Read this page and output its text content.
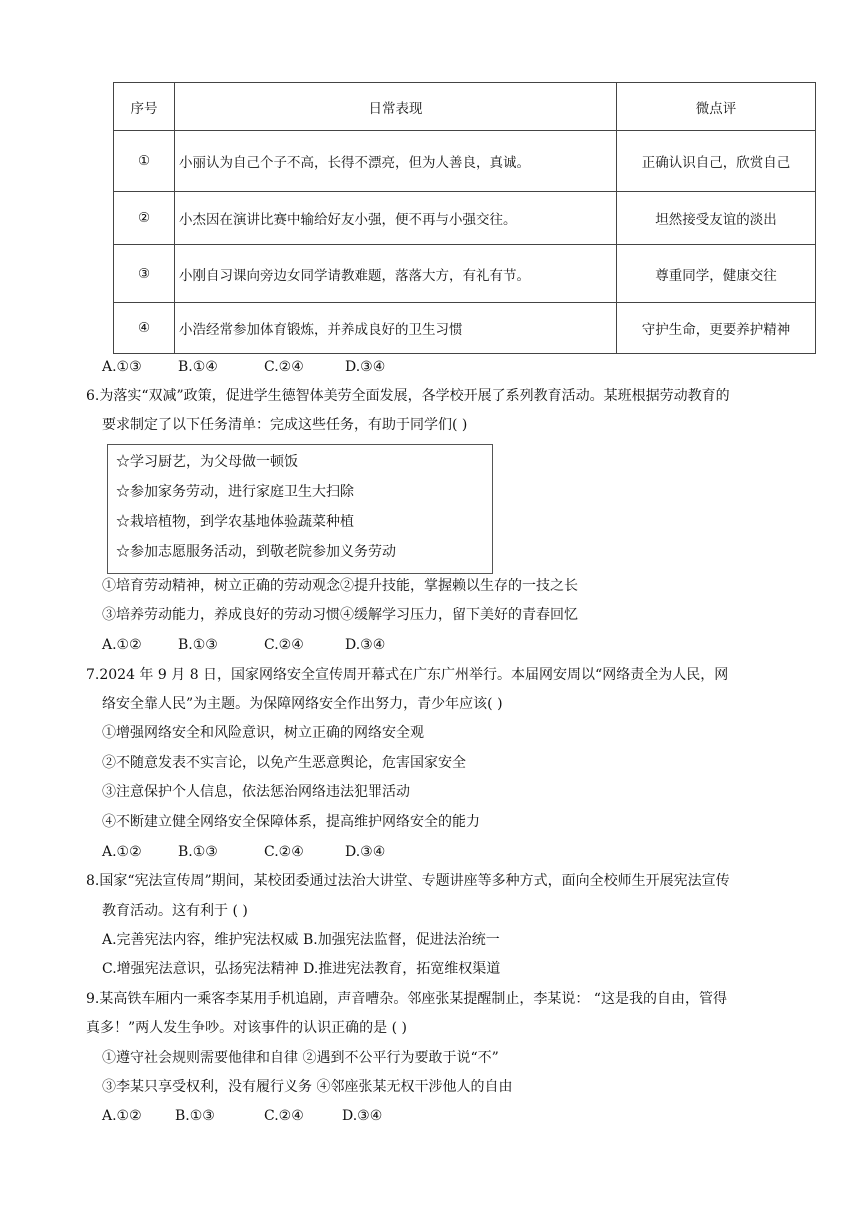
序号	日常表现	微点评
①	小丽认为自己个子不高，长得不漂亮，但为人善良，真诚。	正确认识自己，欣赏自己
②	小杰因在演讲比赛中输给好友小强，便不再与小强交往。	坦然接受友谊的淡出
③	小刚自习课向旁边女同学请教难题，落落大方，有礼有节。	尊重同学，健康交往
④	小浩经常参加体育锻炼，并养成良好的卫生习惯	守护生命，更要养护精神
A.①③	B.①④	C.②④	D.③④
6.为落实“双减”政策，促进学生德智体美劳全面发展，各学校开展了系列教育活动。某班根据劳动教育的
要求制定了以下任务清单：完成这些任务，有助于同学们( )
☆学习厨艺，为父母做一顿饭
☆参加家务劳动，进行家庭卫生大扫除
☆栽培植物，到学农基地体验蔬菜种植
☆参加志愿服务活动，到敬老院参加义务劳动
①培育劳动精神，树立正确的劳动观念②提升技能，掌握赖以生存的一技之长
③培养劳动能力，养成良好的劳动习惯④缓解学习压力，留下美好的青春回忆
A.①②	B.①③	C.②④	D.③④
7.2024 年 9 月 8 日，国家网络安全宣传周开幕式在广东广州举行。本届网安周以“网络责全为人民，网
络安全靠人民”为主题。为保障网络安全作出努力，青少年应该( )
①增强网络安全和风险意识，树立正确的网络安全观
②不随意发表不实言论，以免产生恶意舆论，危害国家安全
③注意保护个人信息，依法惩治网络违法犯罪活动
④不断建立健全网络安全保障体系，提高维护网络安全的能力
A.①②	B.①③	C.②④	D.③④
8.国家“宪法宣传周”期间，某校团委通过法治大讲堂、专题讲座等多种方式，面向全校师生开展宪法宣传
教育活动。这有利于 ( )
A.完善宪法内容，维护宪法权威 B.加强宪法监督，促进法治统一
C.增强宪法意识，弘扬宪法精神 D.推进宪法教育，拓宽维权渠道
9.某高铁车厢内一乘客李某用手机追剧，声音嘈杂。邻座张某提醒制止，李某说： “这是我的自由，管得
真多！”两人发生争吵。对该事件的认识正确的是 ( )
①遵守社会规则需要他律和自律 ②遇到不公平行为要敢于说“不”
③李某只享受权利，没有履行义务 ④邻座张某无权干涉他人的自由
A.①② B.①③	C.②④	D.③④
